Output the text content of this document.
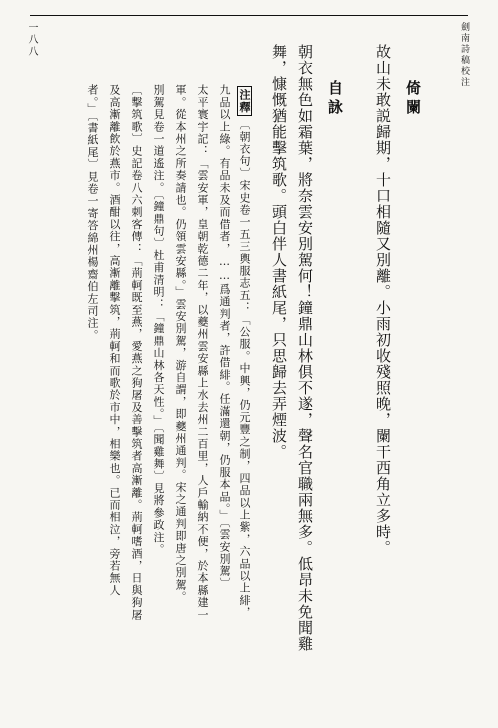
劍南詩稿校注
一八八
倚闌
故山未敢説歸期，十口相隨又別離。小雨初收殘照晚，闌干西角立多時。
自詠
朝衣無色如霜葉，將奈雲安別駕何！鐘鼎山林俱不遂，聲名官職兩無多。低昂未免聞雞
舞，慷慨猶能擊筑歌。頭白伴人書紙尾，只思歸去弄煙波。
注釋〔朝衣句〕宋史卷一五三輿服志五：「公服。中興，仍元豐之制，四品以上紫，六品以上緋，
九品以上綠。有品未及而借者，……爲通判者，許借緋。任滿還朝，仍服本品。」〔雲安別駕〕
太平寰宇記：「雲安軍，皇朝乾德二年，以夔州雲安縣上水去州二百里，人戶輸納不便，於本縣建一
軍。從本州之所奏請也。仍領雲安縣。」雲安別駕，游自謂，即夔州通判。宋之通判即唐之別駕。
別駕見卷一道遙注。〔鐘鼎句〕杜甫清明：「鐘鼎山林各天性。」〔聞雞舞〕見將參政注。
〔擊筑歌〕史記卷八六刺客傳：「荊軻既至燕，愛燕之狗屠及善擊筑者高漸離。荊軻嗜酒，日與狗屠
及高漸離飲於燕市。酒酣以往，高漸離擊筑，荊軻和而歌於市中，相樂也。已而相泣，旁若無人
者。」〔書紙尾〕見卷一寄答綿州楊齋伯左司注。
